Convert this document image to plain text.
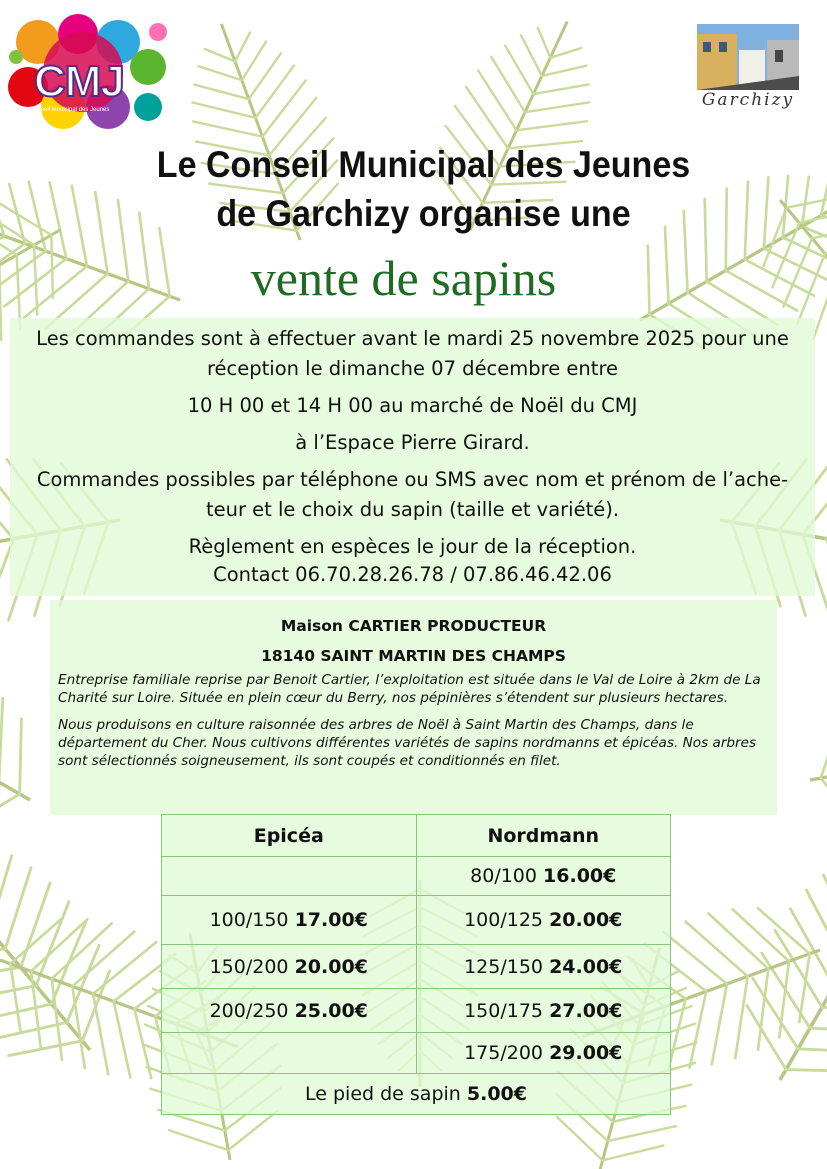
CMJ
Conseil Municipal des Jeunes	Garchizy
Le Conseil Municipal des Jeunes
de Garchizy organise une
vente de sapins

Les commandes sont à effectuer avant le mardi 25 novembre 2025 pour une

réception le dimanche 07 décembre entre

10 H 00 et 14 H 00 au marché de Noël du CMJ

à l’Espace Pierre Girard.

Commandes possibles par téléphone ou SMS avec nom et prénom de l’ache-

teur et le choix du sapin (taille et variété).

Règlement en espèces le jour de la réception.

Contact 06.70.28.26.78 / 07.86.46.42.06

Maison CARTIER PRODUCTEUR
18140 SAINT MARTIN DES CHAMPS

Entreprise familiale reprise par Benoit Cartier, l’exploitation est située dans le Val de Loire à 2km de La Charité sur Loire. Située en plein cœur du Berry, nos pépinières s’étendent sur plusieurs hectares.

Nous produisons en culture raisonnée des arbres de Noël à Saint Martin des Champs, dans le département du Cher. Nous cultivons différentes variétés de sapins nordmanns et épicéas. Nos arbres sont sélectionnés soigneusement, ils sont coupés et conditionnés en filet.

Epicéa	Nordmann
	80/100 16.00€
100/150 17.00€	100/125 20.00€
150/200 20.00€	125/150 24.00€
200/250 25.00€	150/175 27.00€
	175/200 29.00€
Le pied de sapin 5.00€	
